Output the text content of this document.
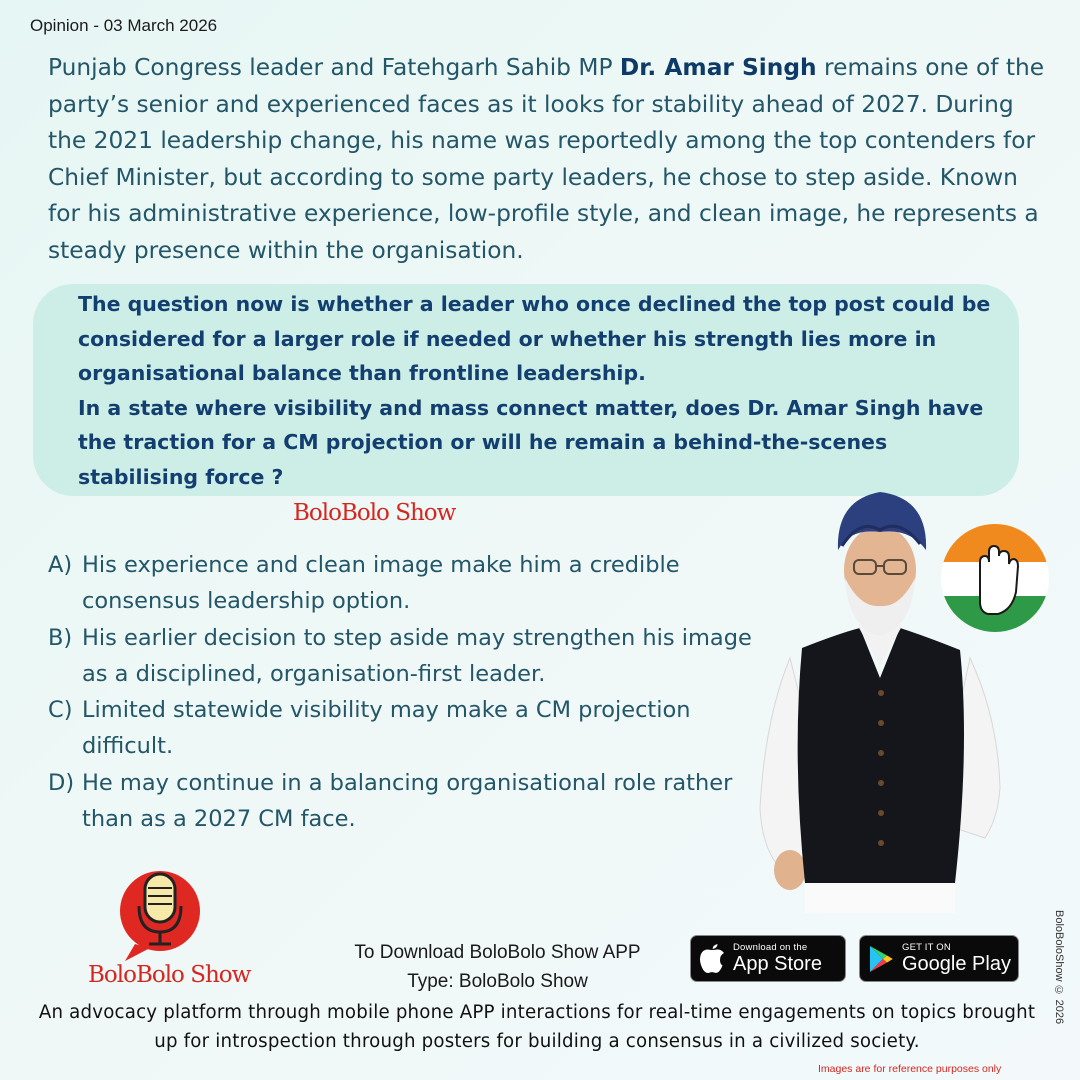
Opinion - 03 March 2026
Punjab Congress leader and Fatehgarh Sahib MP Dr. Amar Singh remains one of the party’s senior and experienced faces as it looks for stability ahead of 2027. During the 2021 leadership change, his name was reportedly among the top contenders for Chief Minister, but according to some party leaders, he chose to step aside. Known for his administrative experience, low-profile style, and clean image, he represents a steady presence within the organisation.
The question now is whether a leader who once declined the top post could be considered for a larger role if needed or whether his strength lies more in organisational balance than frontline leadership.
In a state where visibility and mass connect matter, does Dr. Amar Singh have the traction for a CM projection or will he remain a behind-the-scenes stabilising force ?
BoloBolo Show
A) His experience and clean image make him a credible consensus leadership option.
B) His earlier decision to step aside may strengthen his image as a disciplined, organisation-first leader.
C) Limited statewide visibility may make a CM projection difficult.
D) He may continue in a balancing organisational role rather than as a 2027 CM face.
BoloBolo Show
To Download BoloBolo Show APP
Type: BoloBolo Show
Download on the
App Store
GET IT ON
Google Play
An advocacy platform through mobile phone APP interactions for real-time engagements on topics brought up for introspection through posters for building a consensus in a civilized society.
BoloBoloShow © 2026
Images are for reference purposes only
